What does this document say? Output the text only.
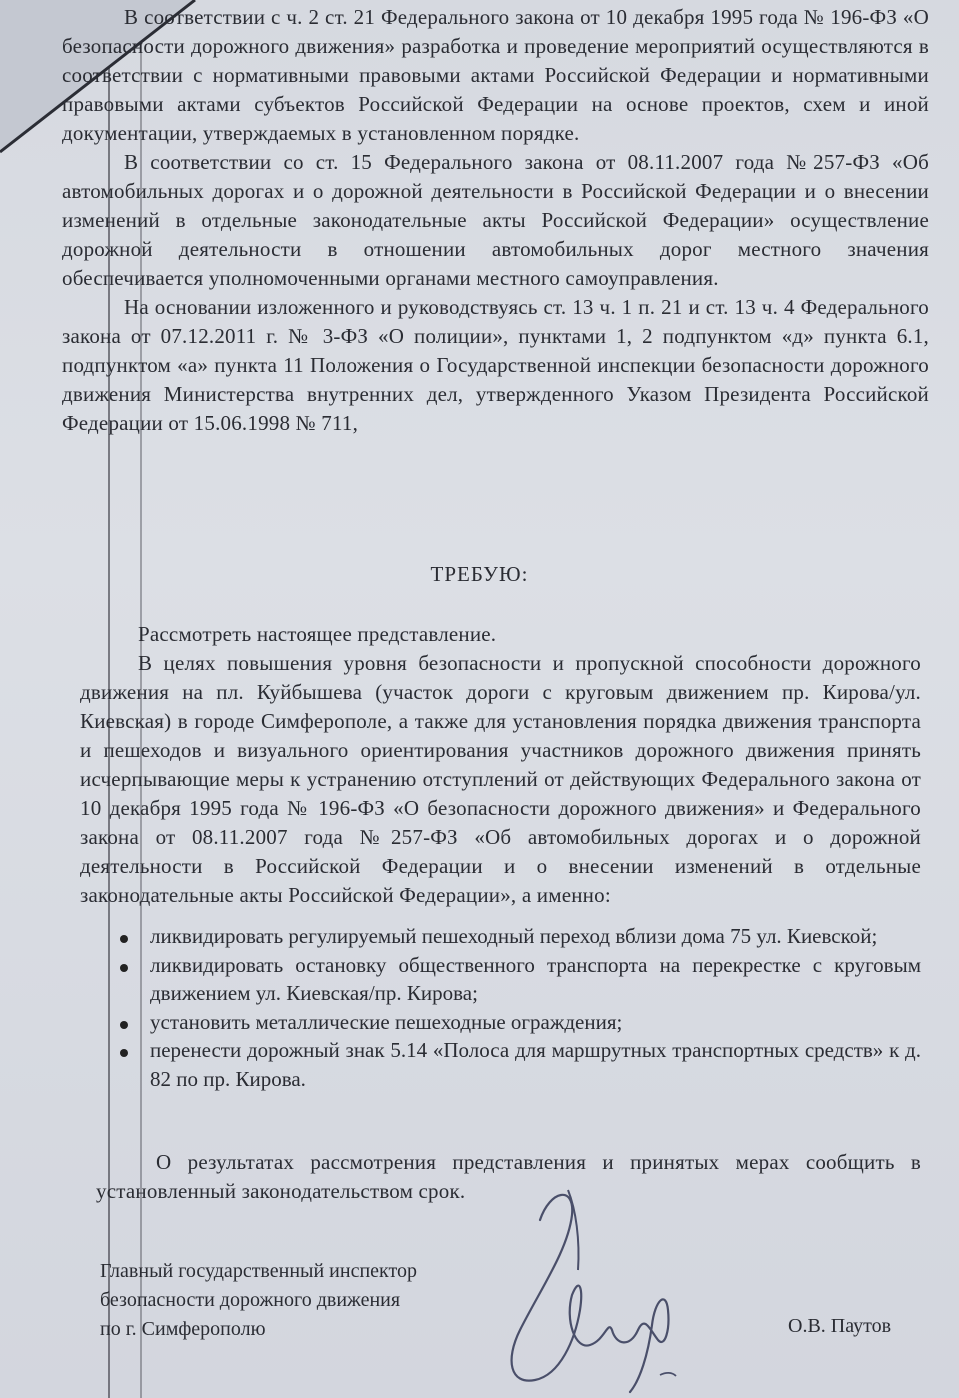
В соответствии с ч. 2 ст. 21 Федерального закона от 10 декабря 1995 года № 196-ФЗ «О безопасности дорожного движения» разработка и проведение мероприятий осуществляются в соответствии с нормативными правовыми актами Российской Федерации и нормативными правовыми актами субъектов Российской Федерации на основе проектов, схем и иной документации, утверждаемых в установленном порядке.

В соответствии со ст. 15 Федерального закона от 08.11.2007 года №257-ФЗ «Об автомобильных дорогах и о дорожной деятельности в Российской Федерации и о внесении изменений в отдельные законодательные акты Российской Федерации» осуществление дорожной деятельности в отношении автомобильных дорог местного значения обеспечивается уполномоченными органами местного самоуправления.

На основании изложенного и руководствуясь ст. 13 ч. 1 п. 21 и ст. 13 ч. 4 Федерального закона от 07.12.2011 г. № 3-ФЗ «О полиции», пунктами 1, 2 подпунктом «д» пункта 6.1, подпунктом «а» пункта 11 Положения о Государственной инспекции безопасности дорожного движения Министерства внутренних дел, утвержденного Указом Президента Российской Федерации от 15.06.1998 № 711,

ТРЕБУЮ:

Рассмотреть настоящее представление.

В целях повышения уровня безопасности и пропускной способности дорожного движения на пл. Куйбышева (участок дороги с круговым движением пр. Кирова/ул. Киевская) в городе Симферополе, а также для установления порядка движения транспорта и пешеходов и визуального ориентирования участников дорожного движения принять исчерпывающие меры к устранению отступлений от действующих Федерального закона от 10 декабря 1995 года № 196-ФЗ «О безопасности дорожного движения» и Федерального закона от 08.11.2007 года №257-ФЗ «Об автомобильных дорогах и о дорожной деятельности в Российской Федерации и о внесении изменений в отдельные законодательные акты Российской Федерации», а именно:

ликвидировать регулируемый пешеходный переход вблизи дома 75 ул. Киевской;
ликвидировать остановку общественного транспорта на перекрестке с круговым движением ул. Киевская/пр. Кирова;
установить металлические пешеходные ограждения;
перенести дорожный знак 5.14 «Полоса для маршрутных транспортных средств» к д. 82 по пр. Кирова.

О результатах рассмотрения представления и принятых мерах сообщить в установленный законодательством срок.

Главный государственный инспектор
безопасности дорожного движения
по г. Симферополю	О.В. Паутов
